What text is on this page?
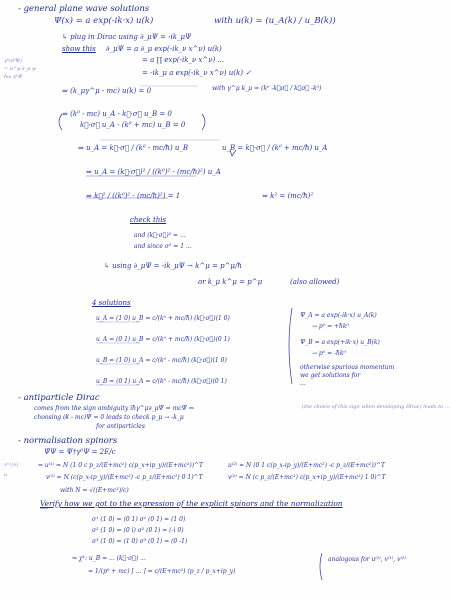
- general plane wave solutions
Ψ(x) = a exp(-ik·x) u(k)	with u(k) = (u_A(k) / u_B(k))
↳ plug in Dirac using ∂_μΨ = -ik_μΨ
show this ∂_μΨ = a ∂_μ exp(-ik_ν x^ν) u(k)
= a ∏ exp(-ik_ν x^ν) ...
= -ik_μ a exp(-ik_ν x^ν) u(k) ✓
γ⁰(∂⁰Ψ)
= u^μ ∂_μ ψ
ħω γ⁰Ψ
⇒ (k_μγ^μ - mc) u(k) = 0	with γ^μ k_μ = (k⁰ -k⃗σ⃗ / k⃗σ⃗ -k⁰)
⇒ (k⁰ - mc) u_A - k⃗·σ⃗ u_B = 0
k⃗·σ⃗ u_A - (k⁰ + mc) u_B = 0
⇒ u_A = k⃗·σ⃗ / (k⁰ - mc/ħ) u_B	u_B = k⃗·σ⃗ / (k⁰ + mc/ħ) u_A
⇒ u_A = (k⃗·σ⃗)² / ((k⁰)² - (mc/ħ)²) u_A
⇒ k⃗² / ((k⁰)² - (mc/ħ)²) = 1	⇔ k² = (mc/ħ)²
check this
and (k⃗·σ⃗)² = ...
and since σ² = 1 ...
↳ using ∂_μΨ = -ik_μΨ → k^μ = p^μ/ħ
or k_μ k^μ = p^μ	(also allowed)
4 solutions
u_A = (1 0) u_B = c/(k⁰ + mc/ħ) (k⃗·σ⃗)(1 0)
u_A = (0 1) u_B = c/(k⁰ + mc/ħ) (k⃗·σ⃗)(0 1)
u_B = (1 0) u_A = c/(k⁰ - mc/ħ) (k⃗·σ⃗)(1 0)
u_B = (0 1) u_A = c/(k⁰ - mc/ħ) (k⃗·σ⃗)(0 1)
Ψ_A = a exp(-ik·x) u_A(k)
→ p⁰ = +ħk⁰
Ψ_B = a exp(+ik·x) u_B(k)
→ p⁰ = -ħk⁰
otherwise spurious momentum
we get solutions for
...
- antiparticle Dirac
comes from the sign ambiguity iħγ^μ∂_μΨ = mcΨ ⇒
choosing (k̸ - mc)Ψ = 0 leads to check p_μ → -k_μ
for antiparticles
(the choice of this sign when developing Dirac) leads to ...
- normalisation spinors
Ψ̄Ψ = Ψ†γ⁰Ψ = 2E/c
⇒ u⁽¹⁾ = N (1 0 c p_z/(E+mc²) c(p_x+ip_y)/(E+mc²))^T	u⁽²⁾ = N (0 1 c(p_x-ip_y)/(E+mc²) -c p_z/(E+mc²))^T
v⁽¹⁾ = N (c(p_x-ip_y)/(E+mc²) -c p_z/(E+mc²) 0 1)^T	v⁽²⁾ = N (c p_z/(E+mc²) c(p_x+ip_y)/(E+mc²) 1 0)^T
with N = √((E+mc²)/c)
v⁽¹⁾(ν)
u
Verify how we got to the expression of the explicit spinors and the normalization
σ¹ (1 0) = (0 1) σ¹ (0 1) = (1 0)
σ² (1 0) = (0 i) σ² (0 1) = (-i 0)
σ³ (1 0) = (1 0) σ³ (0 1) = (0 -1)
⇒ χ¹: u_B = ... (k⃗·σ⃗) ...
= 1/(p⁰ + mc) [ ... ] = c/(E+mc²) (p_z / p_x+ip_y)
analogous for u⁽²⁾, v⁽¹⁾, v⁽²⁾
